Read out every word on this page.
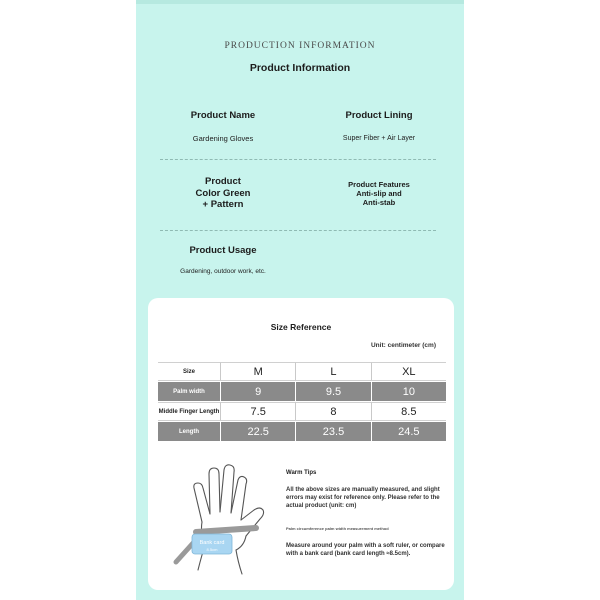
PRODUCTION INFORMATION
Product Information
Product Name
Gardening Gloves
Product Lining
Super Fiber + Air Layer
Product
Color Green
+ Pattern
Product Features
Anti-slip and
Anti-stab
Product Usage
Gardening, outdoor work, etc.
Size Reference
Unit: centimeter (cm)
Size	M	L	XL
Palm width	9	9.5	10
Middle Finger Length	7.5	8	8.5
Length	22.5	23.5	24.5
Bank card
8.5cm
Warm Tips
All the above sizes are manually measured, and slight errors may exist for reference only. Please refer to the actual product (unit: cm)
Palm circumference palm width measurement method
Measure around your palm with a soft ruler, or compare with a bank card (bank card length ≈8.5cm).
